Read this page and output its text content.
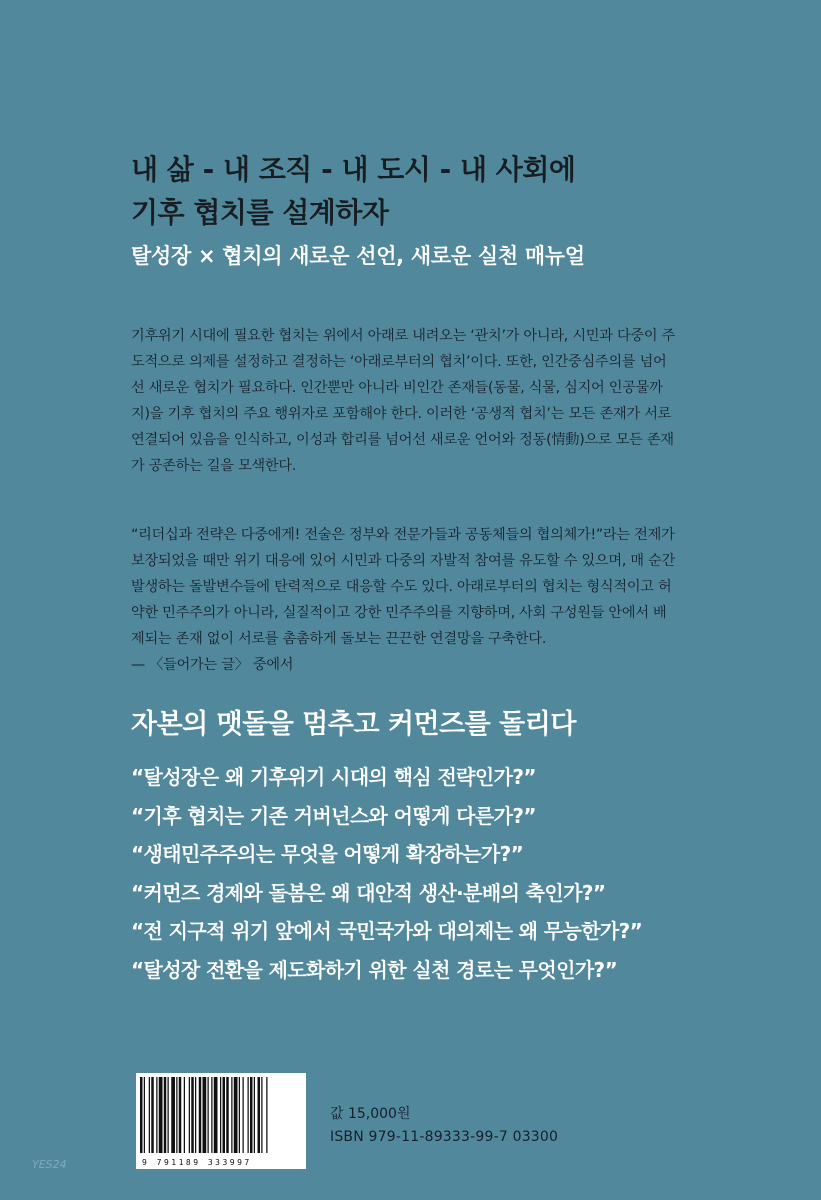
내 삶 - 내 조직 - 내 도시 - 내 사회에
기후 협치를 설계하자
탈성장 × 협치의 새로운 선언, 새로운 실천 매뉴얼
기후위기 시대에 필요한 협치는 위에서 아래로 내려오는 ‘관치’가 아니라, 시민과 다중이 주
도적으로 의제를 설정하고 결정하는 ‘아래로부터의 협치’이다. 또한, 인간중심주의를 넘어
선 새로운 협치가 필요하다. 인간뿐만 아니라 비인간 존재들(동물, 식물, 심지어 인공물까
지)을 기후 협치의 주요 행위자로 포함해야 한다. 이러한 ‘공생적 협치’는 모든 존재가 서로
연결되어 있음을 인식하고, 이성과 합리를 넘어선 새로운 언어와 정동(情動)으로 모든 존재
가 공존하는 길을 모색한다.
“리더십과 전략은 다중에게! 전술은 정부와 전문가들과 공동체들의 협의체가!”라는 전제가
보장되었을 때만 위기 대응에 있어 시민과 다중의 자발적 참여를 유도할 수 있으며, 매 순간
발생하는 돌발변수들에 탄력적으로 대응할 수도 있다. 아래로부터의 협치는 형식적이고 허
약한 민주주의가 아니라, 실질적이고 강한 민주주의를 지향하며, 사회 구성원들 안에서 배
제되는 존재 없이 서로를 촘촘하게 돌보는 끈끈한 연결망을 구축한다.
— 〈들어가는 글〉 중에서
자본의 맷돌을 멈추고 커먼즈를 돌리다
“탈성장은 왜 기후위기 시대의 핵심 전략인가?”
“기후 협치는 기존 거버넌스와 어떻게 다른가?”
“생태민주주의는 무엇을 어떻게 확장하는가?”
“커먼즈 경제와 돌봄은 왜 대안적 생산·분배의 축인가?”
“전 지구적 위기 앞에서 국민국가와 대의제는 왜 무능한가?”
“탈성장 전환을 제도화하기 위한 실천 경로는 무엇인가?”
9 791189 333997
값 15,000원
ISBN 979-11-89333-99-7 03300
YES24
